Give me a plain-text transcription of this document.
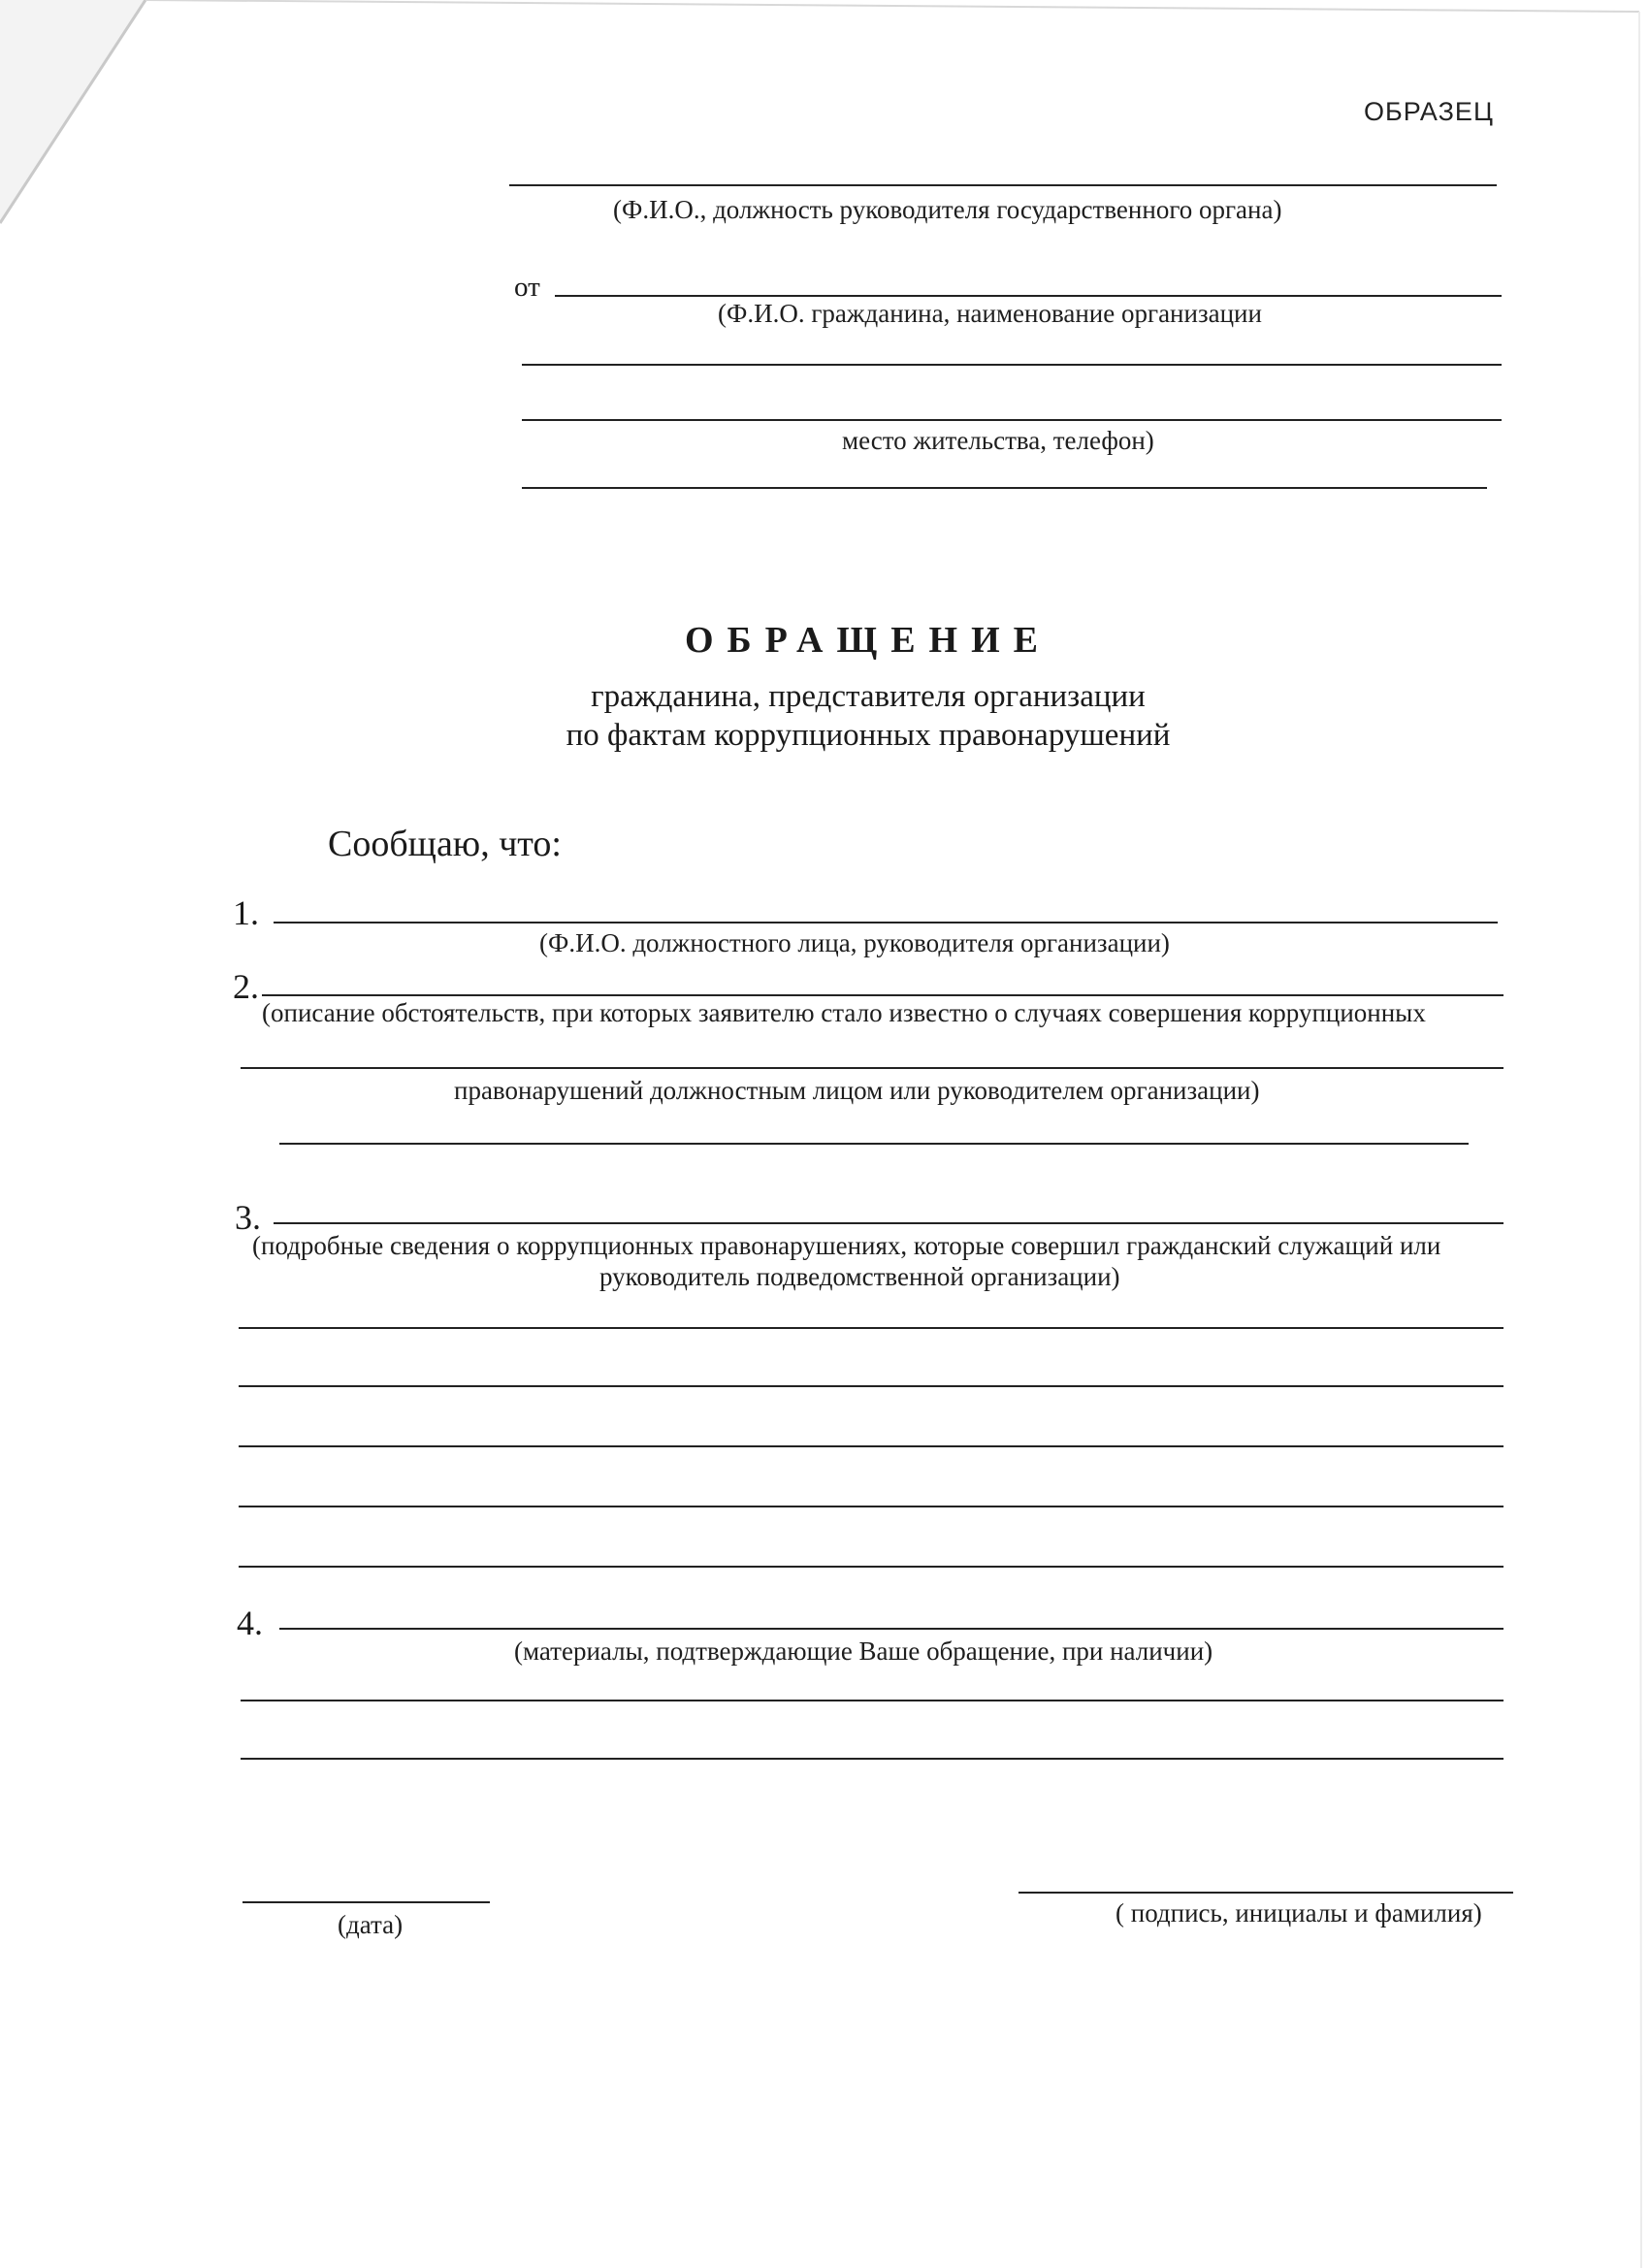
ОБРАЗЕЦ
(Ф.И.О., должность руководителя государственного органа)
от
(Ф.И.О. гражданина, наименование организации
место жительства, телефон)
ОБРАЩЕНИЕ
гражданина, представителя организации
по фактам коррупционных правонарушений
Сообщаю, что:
1.
(Ф.И.О. должностного лица, руководителя организации)
2.
(описание обстоятельств, при которых заявителю стало известно о случаях совершения коррупционных
правонарушений должностным лицом или руководителем организации)
3.
(подробные сведения о коррупционных правонарушениях, которые совершил гражданский служащий или
руководитель подведомственной организации)
4.
(материалы, подтверждающие Ваше обращение, при наличии)
(дата)	( подпись, инициалы и фамилия)
